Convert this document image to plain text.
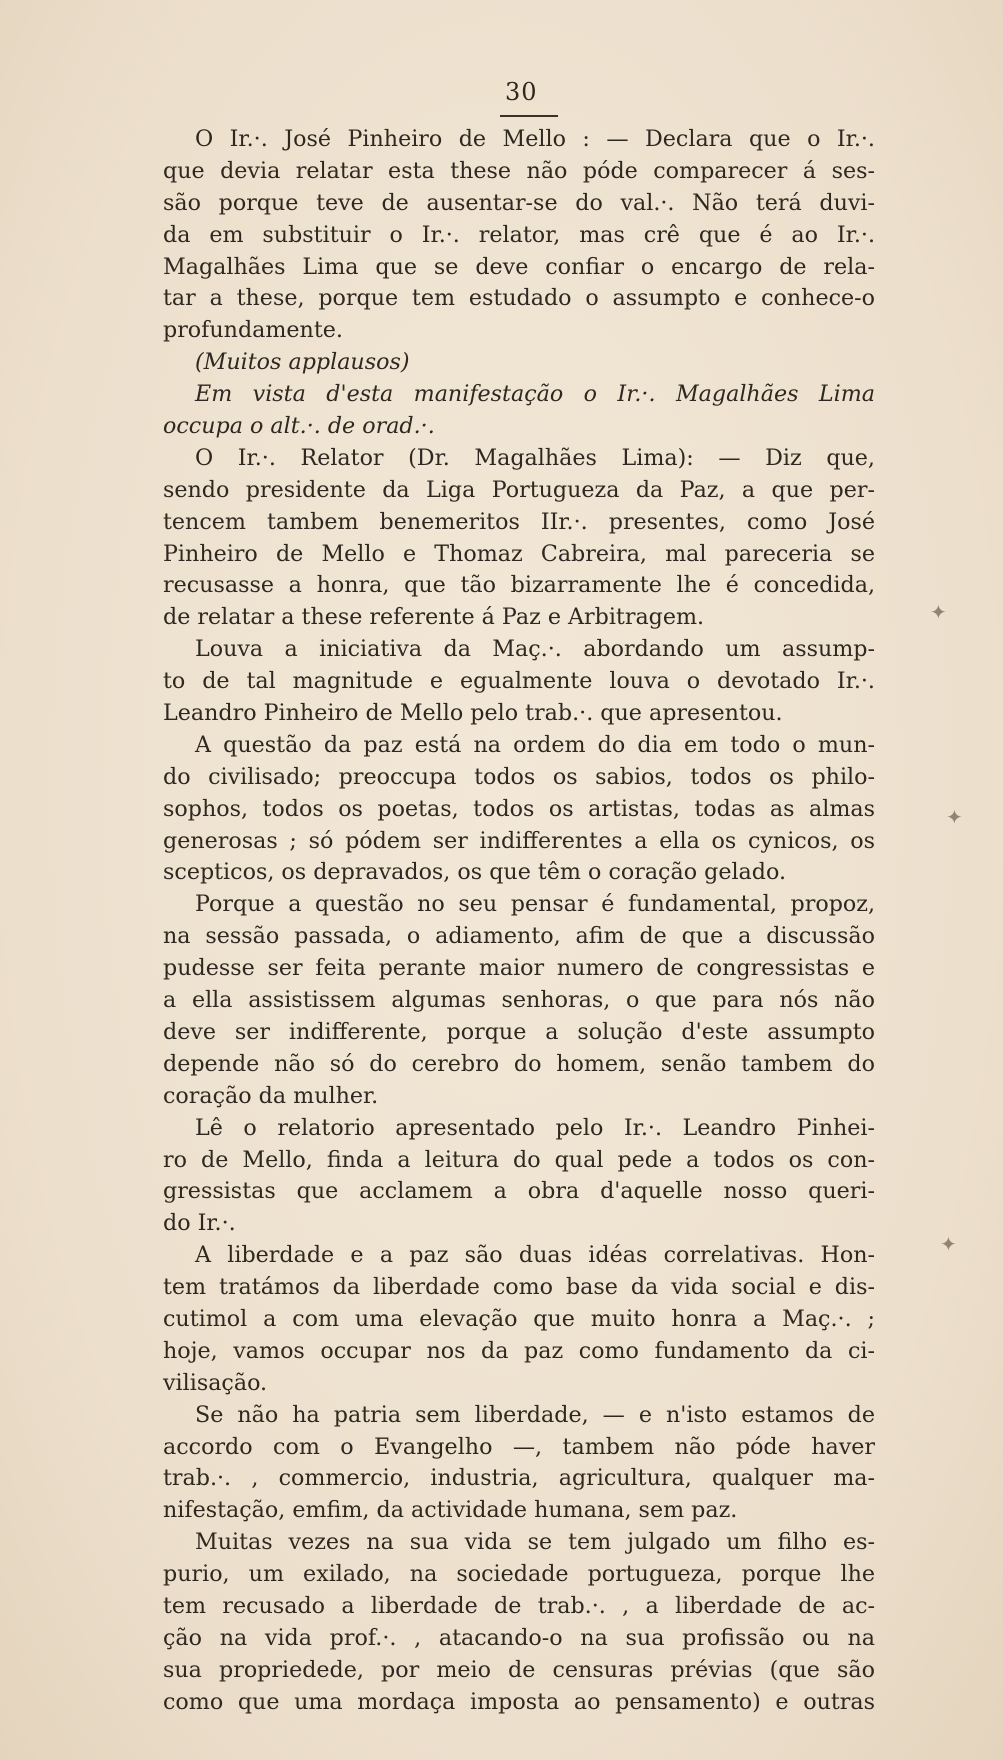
30
O Ir.·. José Pinheiro de Mello : — Declara que o Ir.·.
que devia relatar esta these não póde comparecer á ses-
são porque teve de ausentar-se do val.·. Não terá duvi-
da em substituir o Ir.·. relator, mas crê que é ao Ir.·.
Magalhães Lima que se deve confiar o encargo de rela-
tar a these, porque tem estudado o assumpto e conhece-o
profundamente.
(Muitos applausos)
Em vista d'esta manifestação o Ir.·. Magalhães Lima
occupa o alt.·. de orad.·.
O Ir.·. Relator (Dr. Magalhães Lima): — Diz que,
sendo presidente da Liga Portugueza da Paz, a que per-
tencem tambem benemeritos IIr.·. presentes, como José
Pinheiro de Mello e Thomaz Cabreira, mal pareceria se
recusasse a honra, que tão bizarramente lhe é concedida,
de relatar a these referente á Paz e Arbitragem.
Louva a iniciativa da Maç.·. abordando um assump-
to de tal magnitude e egualmente louva o devotado Ir.·.
Leandro Pinheiro de Mello pelo trab.·. que apresentou.
A questão da paz está na ordem do dia em todo o mun-
do civilisado; preoccupa todos os sabios, todos os philo-
sophos, todos os poetas, todos os artistas, todas as almas
generosas ; só pódem ser indifferentes a ella os cynicos, os
scepticos, os depravados, os que têm o coração gelado.
Porque a questão no seu pensar é fundamental, propoz,
na sessão passada, o adiamento, afim de que a discussão
pudesse ser feita perante maior numero de congressistas e
a ella assistissem algumas senhoras, o que para nós não
deve ser indifferente, porque a solução d'este assumpto
depende não só do cerebro do homem, senão tambem do
coração da mulher.
Lê o relatorio apresentado pelo Ir.·. Leandro Pinhei-
ro de Mello, finda a leitura do qual pede a todos os con-
gressistas que acclamem a obra d'aquelle nosso queri-
do Ir.·.
A liberdade e a paz são duas idéas correlativas. Hon-
tem tratámos da liberdade como base da vida social e dis-
cutimol a com uma elevação que muito honra a Maç.·. ;
hoje, vamos occupar nos da paz como fundamento da ci-
vilisação.
Se não ha patria sem liberdade, — e n'isto estamos de
accordo com o Evangelho —, tambem não póde haver
trab.·. , commercio, industria, agricultura, qualquer ma-
nifestação, emfim, da actividade humana, sem paz.
Muitas vezes na sua vida se tem julgado um filho es-
purio, um exilado, na sociedade portugueza, porque lhe
tem recusado a liberdade de trab.·. , a liberdade de ac-
ção na vida prof.·. , atacando-o na sua profissão ou na
sua propriedede, por meio de censuras prévias (que são
como que uma mordaça imposta ao pensamento) e outras
✦
✦
✦
